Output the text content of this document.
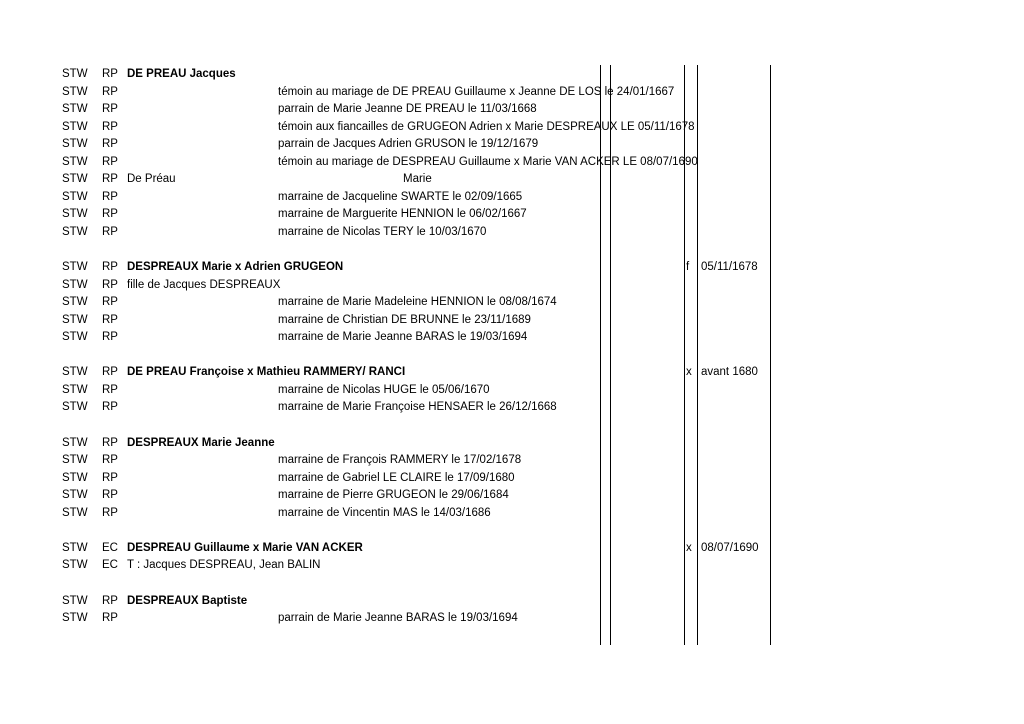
STW RP DE PREAU Jacques
STW RP	témoin au mariage de DE PREAU Guillaume x Jeanne DE LOS le 24/01/1667
STW RP	parrain de Marie Jeanne DE PREAU le 11/03/1668
STW RP	témoin aux fiancailles de GRUGEON Adrien x Marie DESPREAUX LE 05/11/1678
STW RP	parrain de Jacques Adrien GRUSON le 19/12/1679
STW RP	témoin au mariage de DESPREAU Guillaume x Marie VAN ACKER LE 08/07/1690
STW RP De Préau	Marie
STW RP	marraine de Jacqueline SWARTE le 02/09/1665
STW RP	marraine de Marguerite HENNION le 06/02/1667
STW RP	marraine de Nicolas TERY le 10/03/1670
STW RP DESPREAUX Marie x Adrien GRUGEON	f 05/11/1678
STW RP fille de Jacques DESPREAUX
STW RP	marraine de Marie Madeleine HENNION le 08/08/1674
STW RP	marraine de Christian DE BRUNNE le 23/11/1689
STW RP	marraine de Marie Jeanne BARAS le 19/03/1694
STW RP DE PREAU Françoise x Mathieu RAMMERY/ RANCI	x avant 1680
STW RP	marraine de Nicolas HUGE le 05/06/1670
STW RP	marraine de Marie Françoise HENSAER le 26/12/1668
STW RP DESPREAUX Marie Jeanne
STW RP	marraine de François RAMMERY le 17/02/1678
STW RP	marraine de Gabriel LE CLAIRE le 17/09/1680
STW RP	marraine de Pierre GRUGEON le 29/06/1684
STW RP	marraine de Vincentin MAS le 14/03/1686
STW EC DESPREAU Guillaume x Marie VAN ACKER	x 08/07/1690
STW EC T : Jacques DESPREAU, Jean BALIN
STW RP DESPREAUX Baptiste
STW RP	parrain de Marie Jeanne BARAS le 19/03/1694
